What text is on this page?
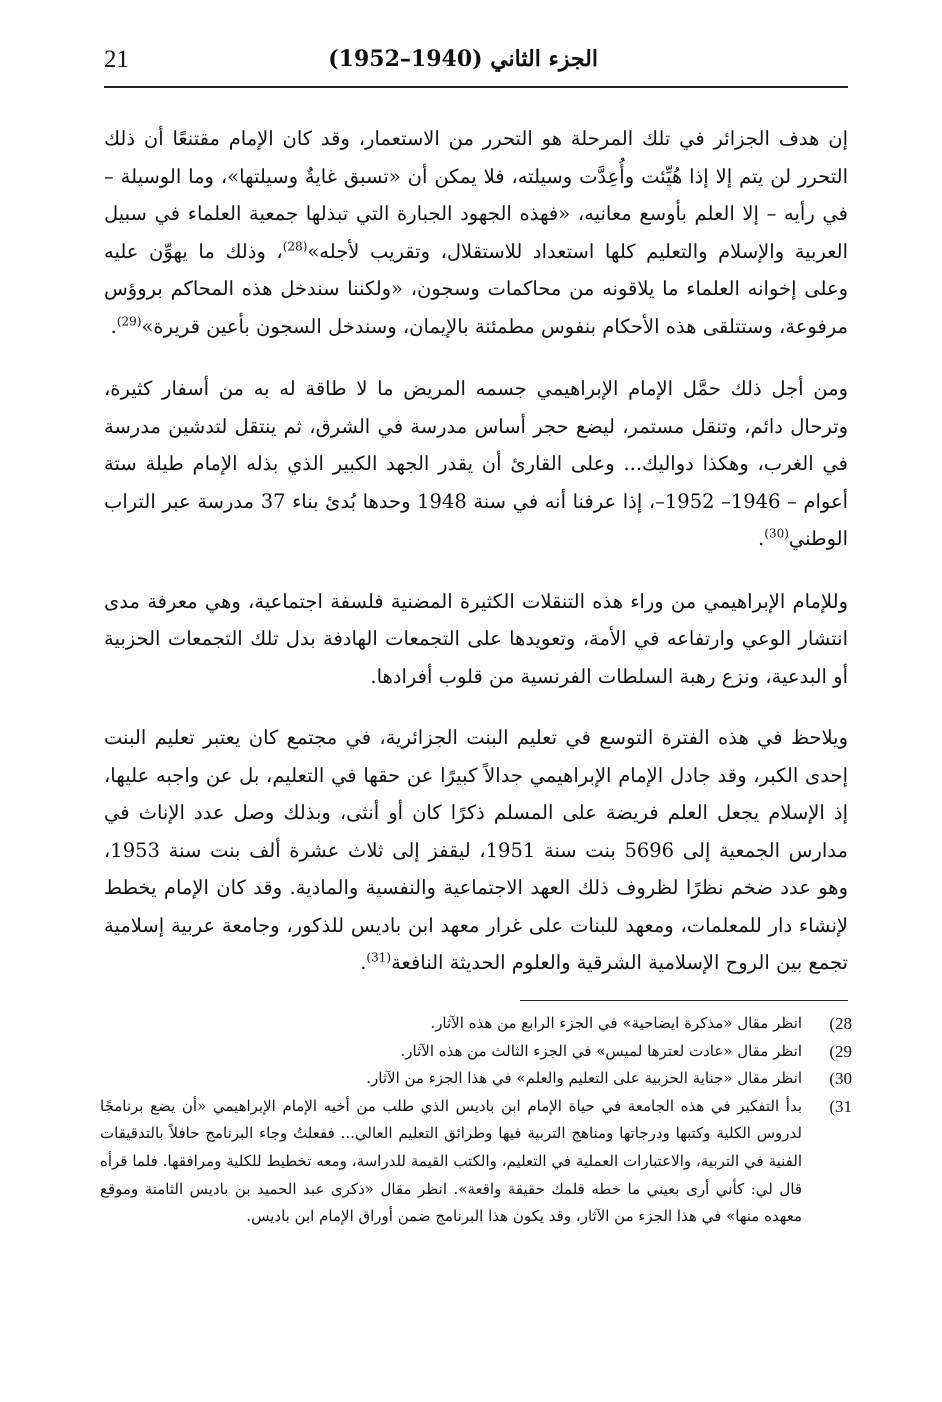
21	الجزء الثاني (1940–1952)

إن هدف الجزائر في تلك المرحلة هو التحرر من الاستعمار، وقد كان الإمام مقتنعًا أن ذلك التحرر لن يتم إلا إذا هُيِّئت وأُعِدَّت وسيلته، فلا يمكن أن «تسبق غايةٌ وسيلتها»، وما الوسيلة – في رأيه – إلا العلم بأوسع معانيه، «فهذه الجهود الجبارة التي تبذلها جمعية العلماء في سبيل العربية والإسلام والتعليم كلها استعداد للاستقلال، وتقريب لأجله»$^{(28)}$، وذلك ما يهوِّن عليه وعلى إخوانه العلماء ما يلاقونه من محاكمات وسجون، «ولكننا سندخل هذه المحاكم بروؤس مرفوعة، وستتلقى هذه الأحكام بنفوس مطمئنة بالإيمان، وسندخل السجون بأعين قريرة»$^{(29)}$.

ومن أجل ذلك حمَّل الإمام الإبراهيمي جسمه المريض ما لا طاقة له به من أسفار كثيرة، وترحال دائم، وتنقل مستمر، ليضع حجر أساس مدرسة في الشرق، ثم ينتقل لتدشين مدرسة في الغرب، وهكذا دواليك... وعلى القارئ أن يقدر الجهد الكبير الذي بذله الإمام طيلة ستة أعوام – 1946– 1952–، إذا عرفنا أنه في سنة 1948 وحدها بُدئ بناء 37 مدرسة عبر التراب الوطني$^{(30)}$.

وللإمام الإبراهيمي من وراء هذه التنقلات الكثيرة المضنية فلسفة اجتماعية، وهي معرفة مدى انتشار الوعي وارتفاعه في الأمة، وتعويدها على التجمعات الهادفة بدل تلك التجمعات الحزبية أو البدعية، ونزع رهبة السلطات الفرنسية من قلوب أفرادها.

ويلاحظ في هذه الفترة التوسع في تعليم البنت الجزائرية، في مجتمع كان يعتبر تعليم البنت إحدى الكبر، وقد جادل الإمام الإبراهيمي جدالاً كبيرًا عن حقها في التعليم، بل عن واجبه عليها، إذ الإسلام يجعل العلم فريضة على المسلم ذكرًا كان أو أنثى، وبذلك وصل عدد الإناث في مدارس الجمعية إلى 5696 بنت سنة 1951، ليقفز إلى ثلاث عشرة ألف بنت سنة 1953، وهو عدد ضخم نظرًا لظروف ذلك العهد الاجتماعية والنفسية والمادية. وقد كان الإمام يخطط لإنشاء دار للمعلمات، ومعهد للبنات على غرار معهد ابن باديس للذكور، وجامعة عربية إسلامية تجمع بين الروح الإسلامية الشرقية والعلوم الحديثة النافعة$^{(31)}$.

28)
انظر مقال «مذكرة ايضاحية» في الجزء الرابع من هذه الآثار.
29)
انظر مقال «عادت لعترها لميس» في الجزء الثالث من هذه الآثار.
30)
انظر مقال «جناية الحزبية على التعليم والعلم» في هذا الجزء من الآثار.
31)
بدأ التفكير في هذه الجامعة في حياة الإمام ابن باديس الذي طلب من أخيه الإمام الإبراهيمي «أن يضع برنامجًا لدروس الكلية وكتبها ودرجاتها ومناهج التربية فيها وطرائق التعليم العالي... ففعلتُ وجاء البرنامج حافلاً بالتدقيقات الفنية في التربية، والاعتبارات العملية في التعليم، والكتب القيمة للدراسة، ومعه تخطيط للكلية ومرافقها. فلما قرأه قال لي: كأني أرى بعيني ما خطه قلمك حقيقة واقعة». انظر مقال «ذكرى عبد الحميد بن باديس الثامنة وموقع معهده منها» في هذا الجزء من الآثار، وقد يكون هذا البرنامج ضمن أوراق الإمام ابن باديس.
